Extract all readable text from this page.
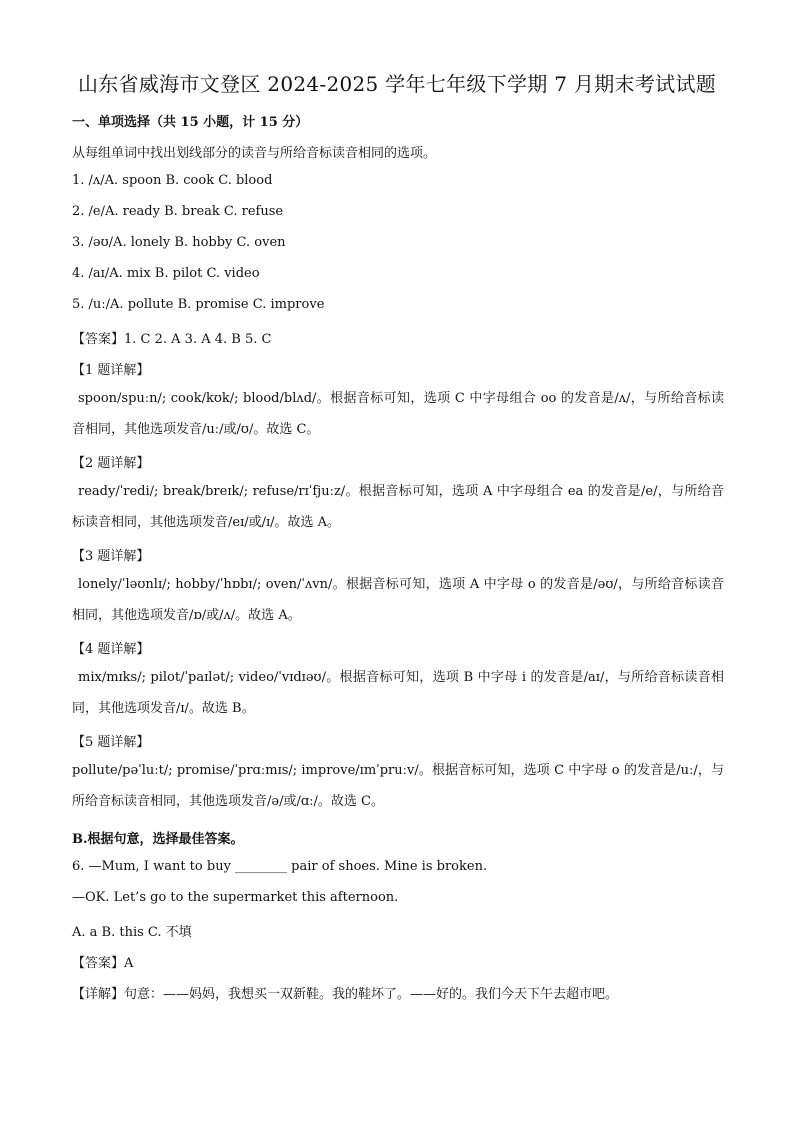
山东省威海市文登区 2024-2025 学年七年级下学期 7 月期末考试试题
一、单项选择（共 15 小题，计 15 分）
从每组单词中找出划线部分的读音与所给音标读音相同的选项。
1. /ʌ/A. spoon B. cook C. blood
2. /e/A. ready B. break C. refuse
3. /əʊ/A. lonely B. hobby C. oven
4. /aɪ/A. mix B. pilot C. video
5. /uː/A. pollute B. promise C. improve
【答案】1. C 2. A 3. A 4. B 5. C
【1 题详解】
spoon/spuːn/; cook/kʊk/; blood/blʌd/。根据音标可知，选项 C 中字母组合 oo 的发音是/ʌ/，与所给音标读音相同，其他选项发音/uː/或/ʊ/。故选 C。
【2 题详解】
ready/ˈredi/; break/breɪk/; refuse/rɪˈfjuːz/。根据音标可知，选项 A 中字母组合 ea 的发音是/e/，与所给音标读音相同，其他选项发音/eɪ/或/ɪ/。故选 A。
【3 题详解】
lonely/ˈləʊnlɪ/; hobby/ˈhɒbɪ/; oven/ˈʌvn/。根据音标可知，选项 A 中字母 o 的发音是/əʊ/，与所给音标读音相同，其他选项发音/ɒ/或/ʌ/。故选 A。
【4 题详解】
mix/mɪks/; pilot/ˈpaɪlət/; video/ˈvɪdɪəʊ/。根据音标可知，选项 B 中字母 i 的发音是/aɪ/，与所给音标读音相同，其他选项发音/ɪ/。故选 B。
【5 题详解】
pollute/pəˈluːt/; promise/ˈprɑːmɪs/; improve/ɪmˈpruːv/。根据音标可知，选项 C 中字母 o 的发音是/uː/，与所给音标读音相同，其他选项发音/ə/或/ɑː/。故选 C。
B.根据句意，选择最佳答案。
6. —Mum, I want to buy ________ pair of shoes. Mine is broken.
—OK. Let’s go to the supermarket this afternoon.
A. a B. this C. 不填
【答案】A
【详解】句意：——妈妈，我想买一双新鞋。我的鞋坏了。——好的。我们今天下午去超市吧。
